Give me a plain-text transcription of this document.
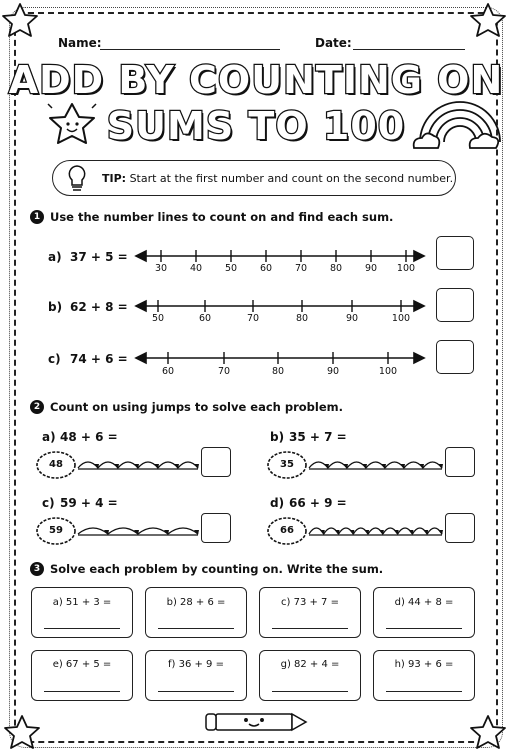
Name:	Date:
ADD BY COUNTING ON
SUMS TO 100
TIP: Start at the first number and count on the second number.
1 Use the number lines to count on and find each sum.
a) 37 + 5 =
b) 62 + 8 =
c) 74 + 6 =
30	40	50	60	70	80	90	100
50	60	70	80	90	100
60	70	80	90	100
2 Count on using jumps to solve each problem.
a) 48 + 6 =	b) 35 + 7 =
c) 59 + 4 =	d) 66 + 9 =
48	35
59	66
3 Solve each problem by counting on. Write the sum.
a) 51 + 3 =	b) 28 + 6 =	c) 73 + 7 =	d) 44 + 8 =
e) 67 + 5 =	f) 36 + 9 =	g) 82 + 4 =	h) 93 + 6 =
